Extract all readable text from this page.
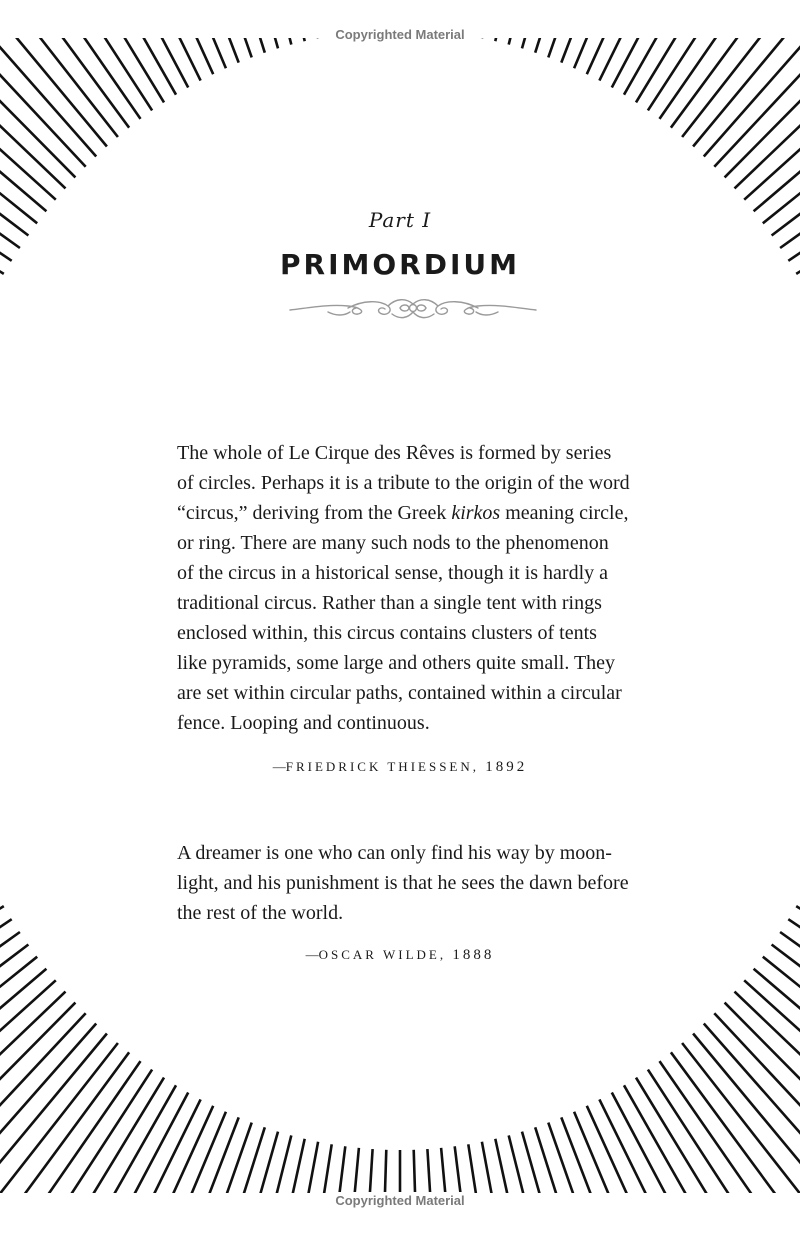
Copyrighted Material
Part I
PRIMORDIUM
The whole of Le Cirque des Rêves is formed by series
of circles. Perhaps it is a tribute to the origin of the word
“circus,” deriving from the Greek kirkos meaning circle,
or ring. There are many such nods to the phenomenon
of the circus in a historical sense, though it is hardly a
traditional circus. Rather than a single tent with rings
enclosed within, this circus contains clusters of tents
like pyramids, some large and others quite small. They
are set within circular paths, contained within a circular
fence. Looping and continuous.
—FRIEDRICK THIESSEN, 1892
A dreamer is one who can only find his way by moon-
light, and his punishment is that he sees the dawn before
the rest of the world.
—OSCAR WILDE, 1888
Copyrighted Material
